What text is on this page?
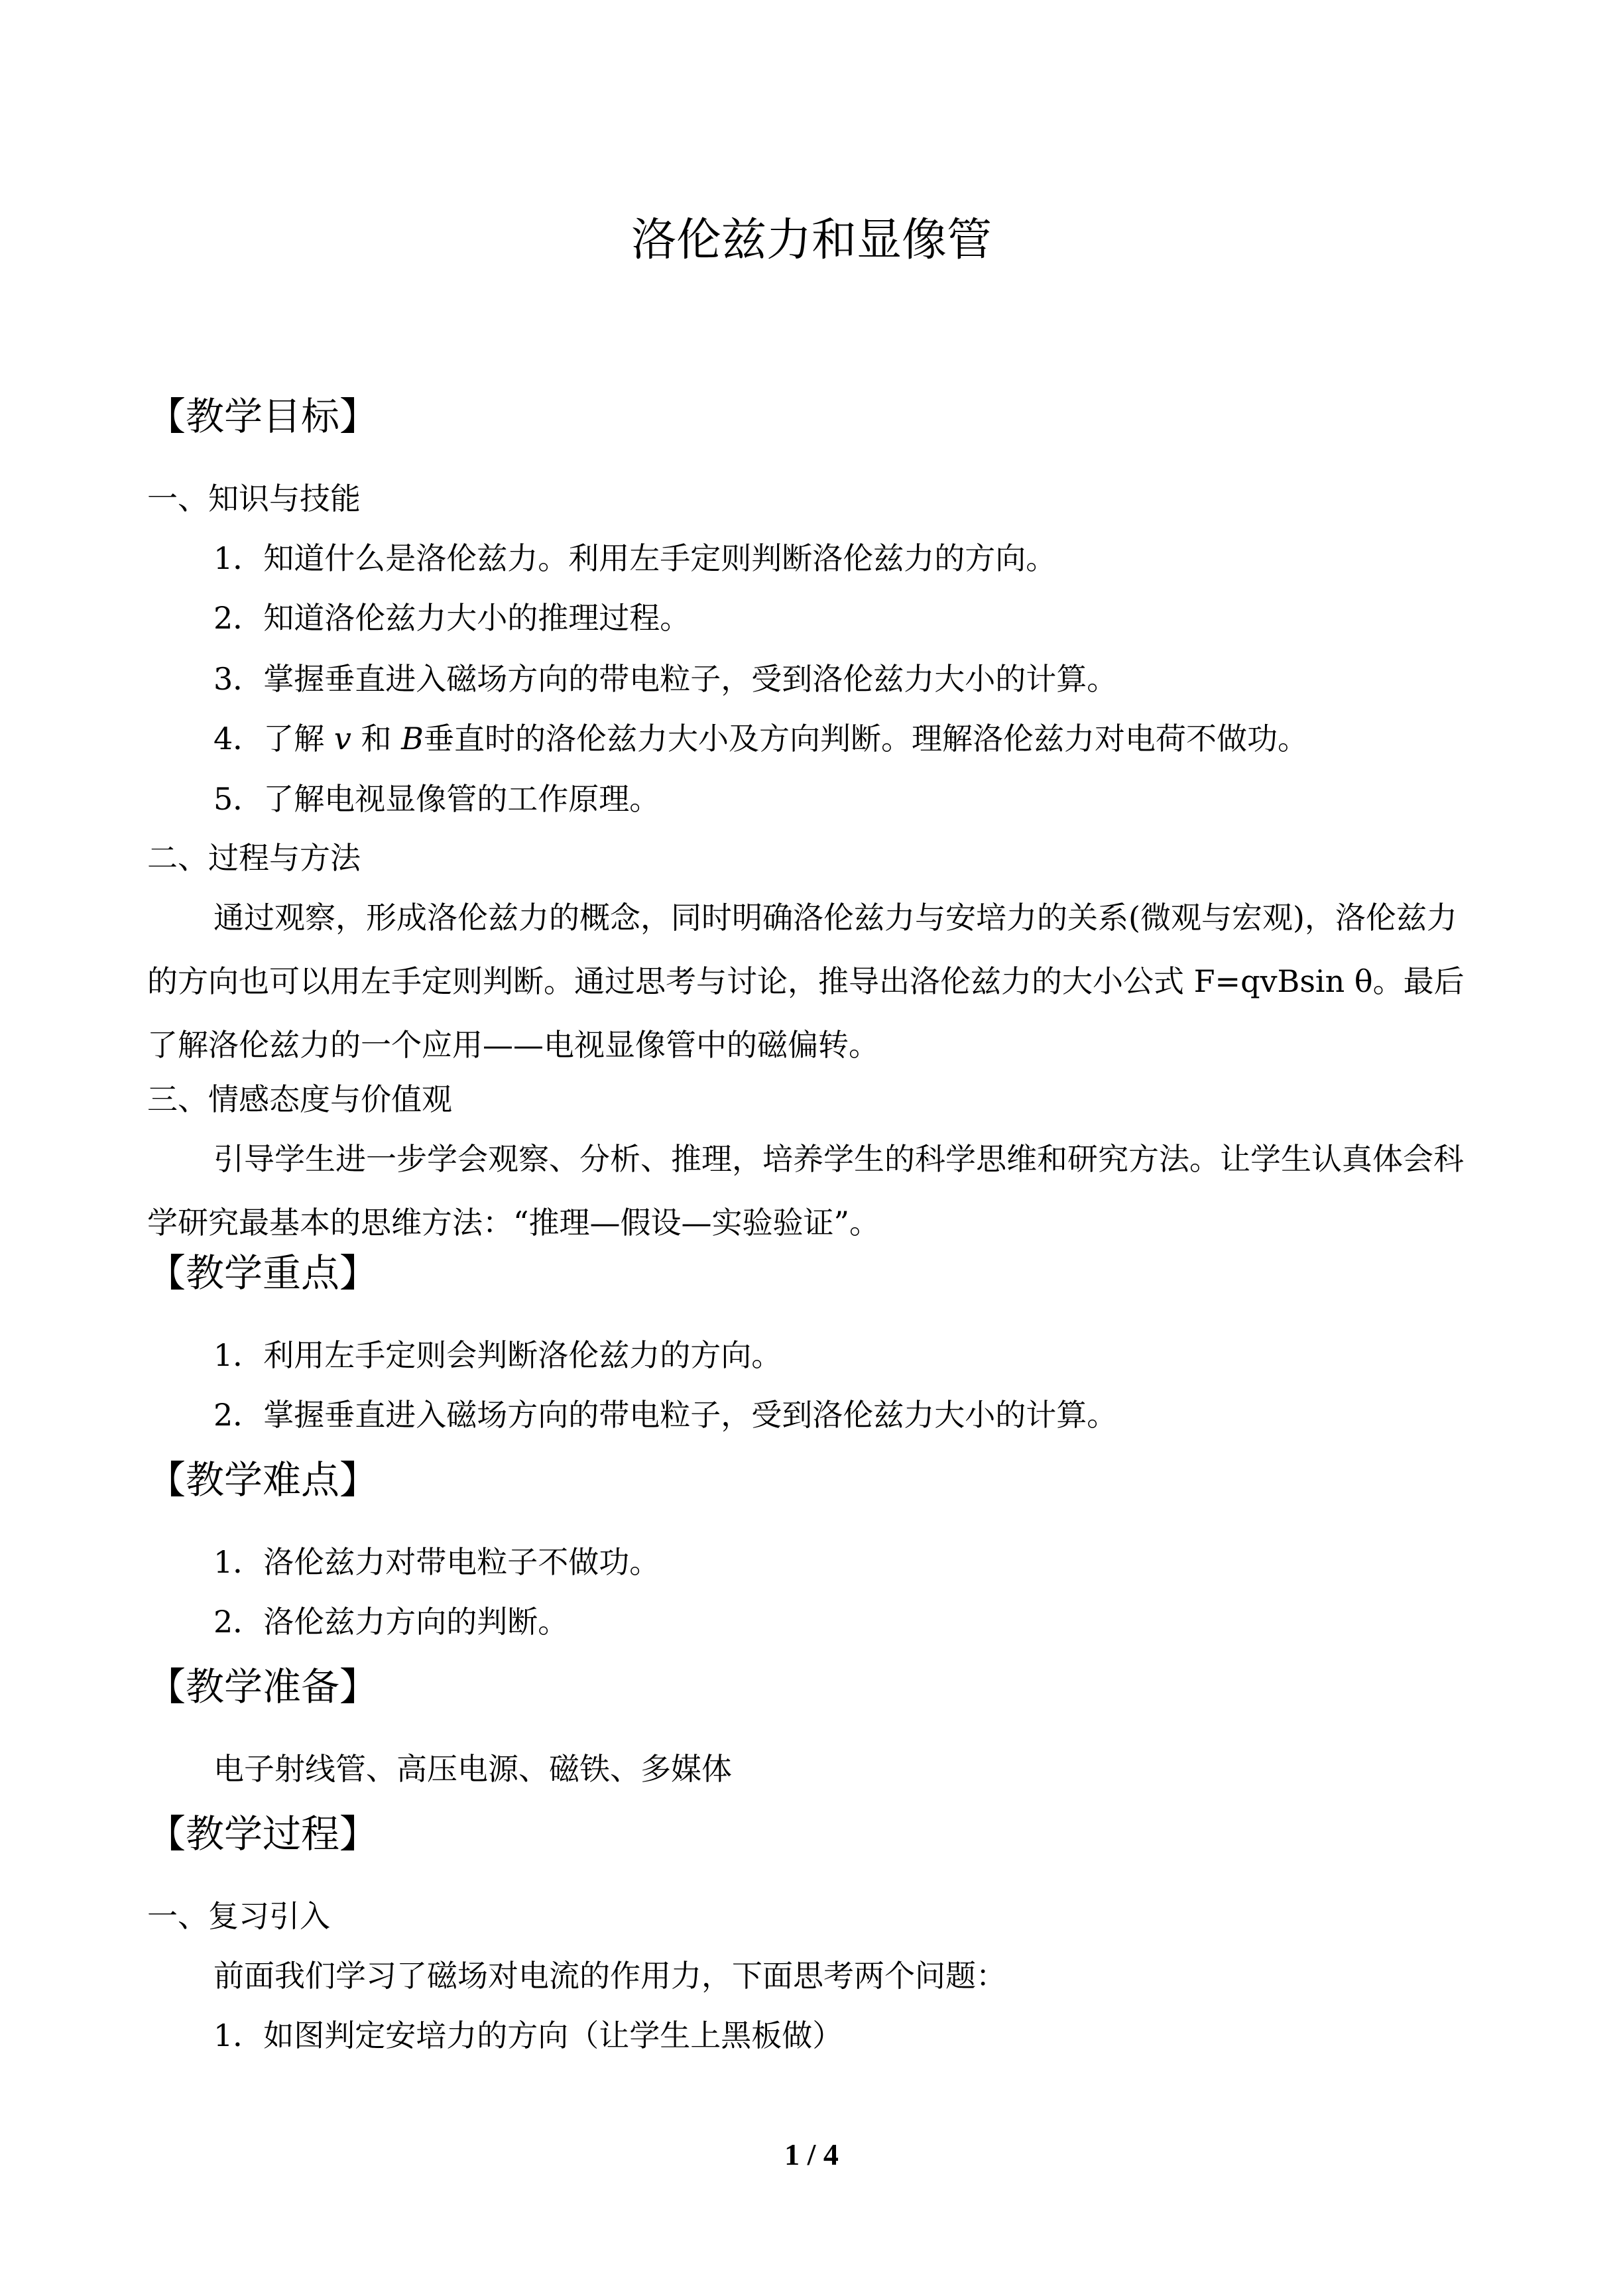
洛伦兹力和显像管
【教学目标】
一、知识与技能
1．知道什么是洛伦兹力。利用左手定则判断洛伦兹力的方向。
2．知道洛伦兹力大小的推理过程。
3．掌握垂直进入磁场方向的带电粒子，受到洛伦兹力大小的计算。
4．了解 v 和 B垂直时的洛伦兹力大小及方向判断。理解洛伦兹力对电荷不做功。
5．了解电视显像管的工作原理。
二、过程与方法
通过观察，形成洛伦兹力的概念，同时明确洛伦兹力与安培力的关系(微观与宏观)，洛伦兹力的方向也可以用左手定则判断。通过思考与讨论，推导出洛伦兹力的大小公式 F=qvBsin θ。最后了解洛伦兹力的一个应用——电视显像管中的磁偏转。
三、情感态度与价值观
引导学生进一步学会观察、分析、推理，培养学生的科学思维和研究方法。让学生认真体会科学研究最基本的思维方法：“推理—假设—实验验证”。
【教学重点】
1．利用左手定则会判断洛伦兹力的方向。
2．掌握垂直进入磁场方向的带电粒子，受到洛伦兹力大小的计算。
【教学难点】
1．洛伦兹力对带电粒子不做功。
2．洛伦兹力方向的判断。
【教学准备】
电子射线管、高压电源、磁铁、多媒体
【教学过程】
一、复习引入
前面我们学习了磁场对电流的作用力，下面思考两个问题：
1．如图判定安培力的方向（让学生上黑板做）
1 / 4
